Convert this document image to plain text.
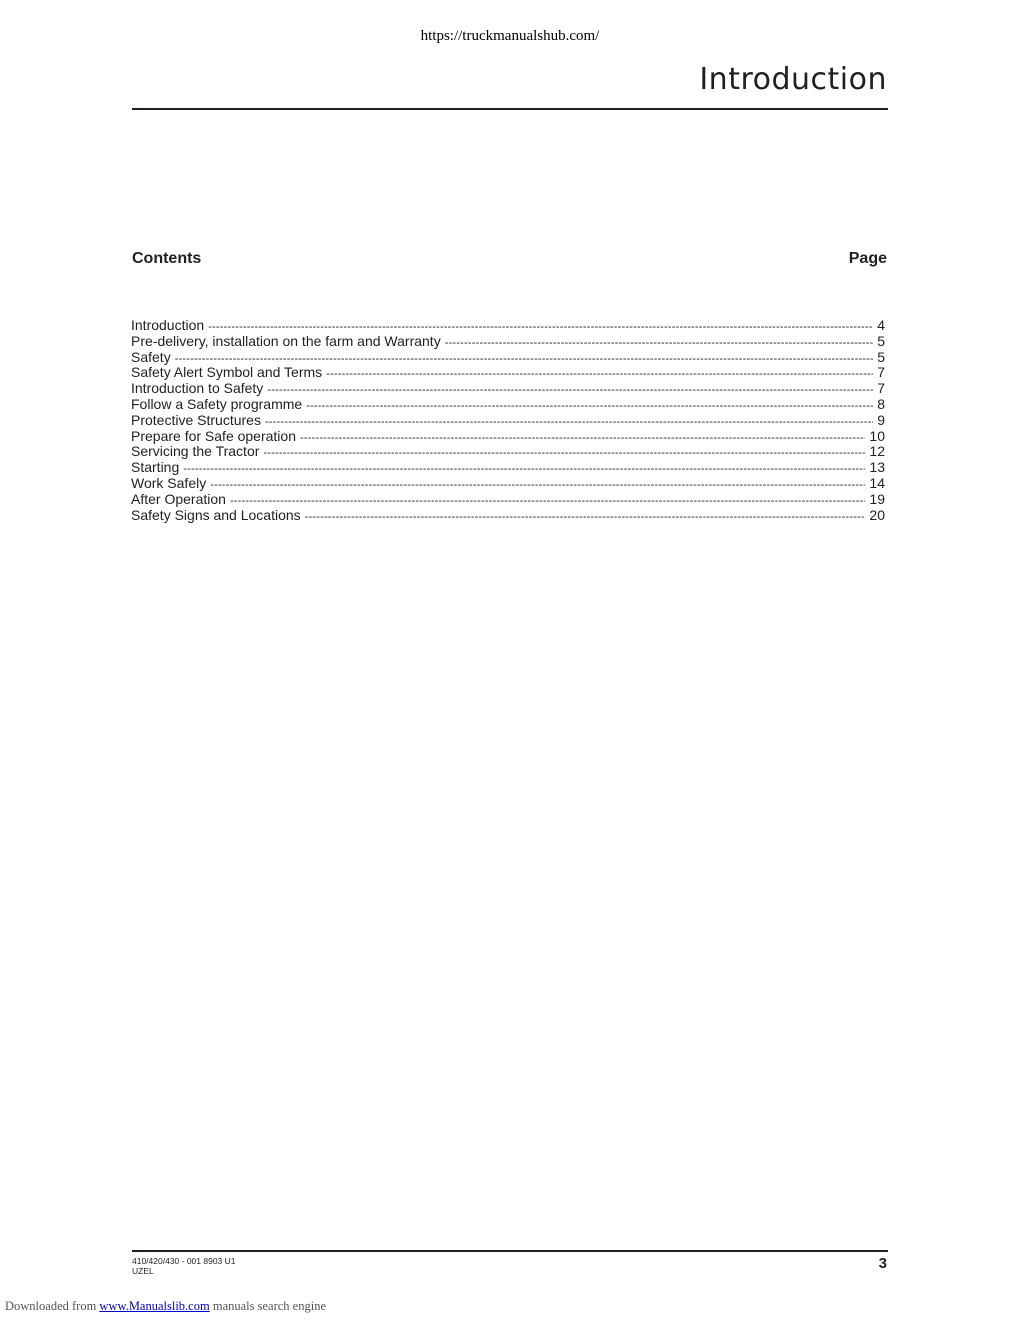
https://truckmanualshub.com/
Introduction
Contents	Page
Introduction -----	4
Pre-delivery, installation on the farm and Warranty -----	5
Safety -----	5
Safety Alert Symbol and Terms -----	7
Introduction to Safety -----	7
Follow a Safety programme -----	8
Protective Structures -----	9
Prepare for Safe operation -----	10
Servicing the Tractor -----	12
Starting -----	13
Work Safely -----	14
After Operation -----	19
Safety Signs and Locations -----	20
410/420/430 - 001 8903 U1
UZEL	3
Downloaded from www.Manualslib.com manuals search engine
